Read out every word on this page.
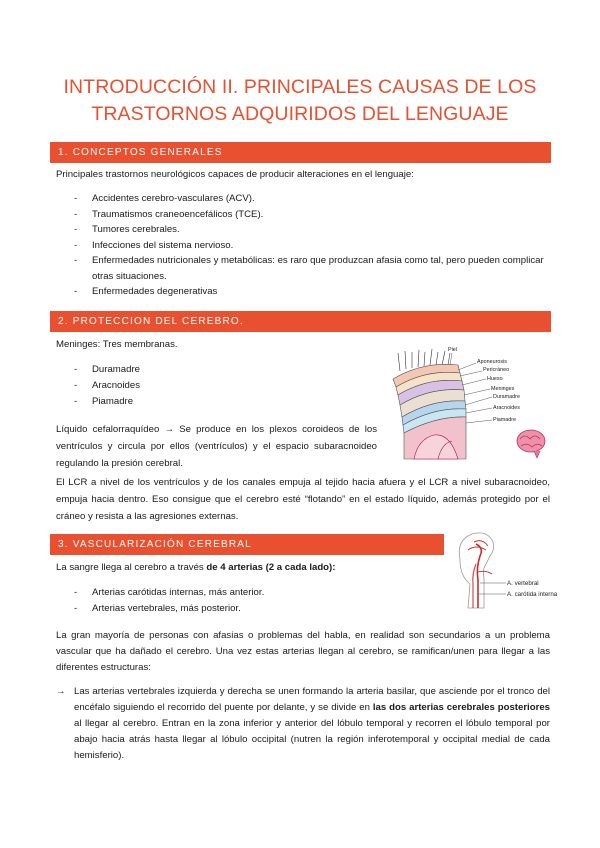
INTRODUCCIÓN II. PRINCIPALES CAUSAS DE LOS
TRASTORNOS ADQUIRIDOS DEL LENGUAJE
1. CONCEPTOS GENERALES
Principales trastornos neurológicos capaces de producir alteraciones en el lenguaje:
- Accidentes cerebro-vasculares (ACV).
- Traumatismos craneoencefálicos (TCE).
- Tumores cerebrales.
- Infecciones del sistema nervioso.
- Enfermedades nutricionales y metabólicas: es raro que produzcan afasia como tal, pero pueden complicar otras situaciones.
- Enfermedades degenerativas
2. PROTECCION DEL CEREBRO.
Meninges: Tres membranas.
- Duramadre
- Aracnoides
- Piamadre
Líquido cefalorraquídeo → Se produce en los plexos coroideos de los ventrículos y circula por ellos (ventrículos) y el espacio subaracnoideo regulando la presión cerebral.
Piel
Aponeurosis
Pericráneo
Hueso
Meninges
Duramadre
Aracnoides
Piamadre
El LCR a nivel de los ventrículos y de los canales empuja al tejido hacia afuera y el LCR a nivel subaracnoideo, empuja hacia dentro. Eso consigue que el cerebro esté “flotando” en el estado líquido, además protegido por el cráneo y resista a las agresiones externas.
3. VASCULARIZACIÓN CEREBRAL
La sangre llega al cerebro a través de 4 arterias (2 a cada lado):
- Arterias carótidas internas, más anterior.
- Arterias vertebrales, más posterior.
A. vertebral
A. carótida interna
La gran mayoría de personas con afasias o problemas del habla, en realidad son secundarios a un problema vascular que ha dañado el cerebro. Una vez estas arterias llegan al cerebro, se ramifican/unen para llegar a las diferentes estructuras:
→ Las arterias vertebrales izquierda y derecha se unen formando la arteria basilar, que asciende por el tronco del encéfalo siguiendo el recorrido del puente por delante, y se divide en las dos arterias cerebrales posteriores al llegar al cerebro. Entran en la zona inferior y anterior del lóbulo temporal y recorren el lóbulo temporal por abajo hacia atrás hasta llegar al lóbulo occipital (nutren la región inferotemporal y occipital medial de cada hemisferio).
